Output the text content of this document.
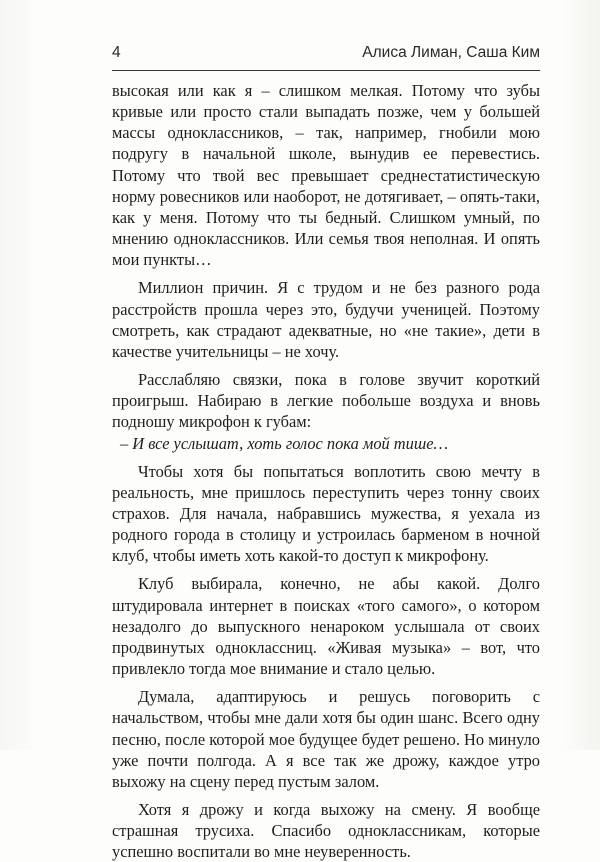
4	Алиса Лиман, Саша Ким

высокая или как я – слишком мелкая. Потому что зубы кривые или просто стали выпадать позже, чем у большей массы одноклассников, – так, например, гнобили мою подругу в начальной школе, вынудив ее перевестись. Потому что твой вес превышает среднестатистическую норму ровесников или наоборот, не дотягивает, – опять-таки, как у меня. Потому что ты бедный. Слишком умный, по мнению одноклассников. Или семья твоя неполная. И опять мои пункты…

Миллион причин. Я с трудом и не без разного рода расстройств прошла через это, будучи ученицей. Поэтому смотреть, как страдают адекватные, но «не такие», дети в качестве учительницы – не хочу.

Расслабляю связки, пока в голове звучит короткий проигрыш. Набираю в легкие побольше воздуха и вновь подношу микрофон к губам:

– И все услышат, хоть голос пока мой тише…

Чтобы хотя бы попытаться воплотить свою мечту в реальность, мне пришлось переступить через тонну своих страхов. Для начала, набравшись мужества, я уехала из родного города в столицу и устроилась барменом в ночной клуб, чтобы иметь хоть какой-то доступ к микрофону.

Клуб выбирала, конечно, не абы какой. Долго штудировала интернет в поисках «того самого», о котором незадолго до выпускного ненароком услышала от своих продвинутых одноклассниц. «Живая музыка» – вот, что привлекло тогда мое внимание и стало целью.

Думала, адаптируюсь и решусь поговорить с начальством, чтобы мне дали хотя бы один шанс. Всего одну песню, после которой мое будущее будет решено. Но минуло уже почти полгода. А я все так же дрожу, каждое утро выхожу на сцену перед пустым залом.

Хотя я дрожу и когда выхожу на смену. Я вообще страшная трусиха. Спасибо одноклассникам, которые успешно воспитали во мне неуверенность.
